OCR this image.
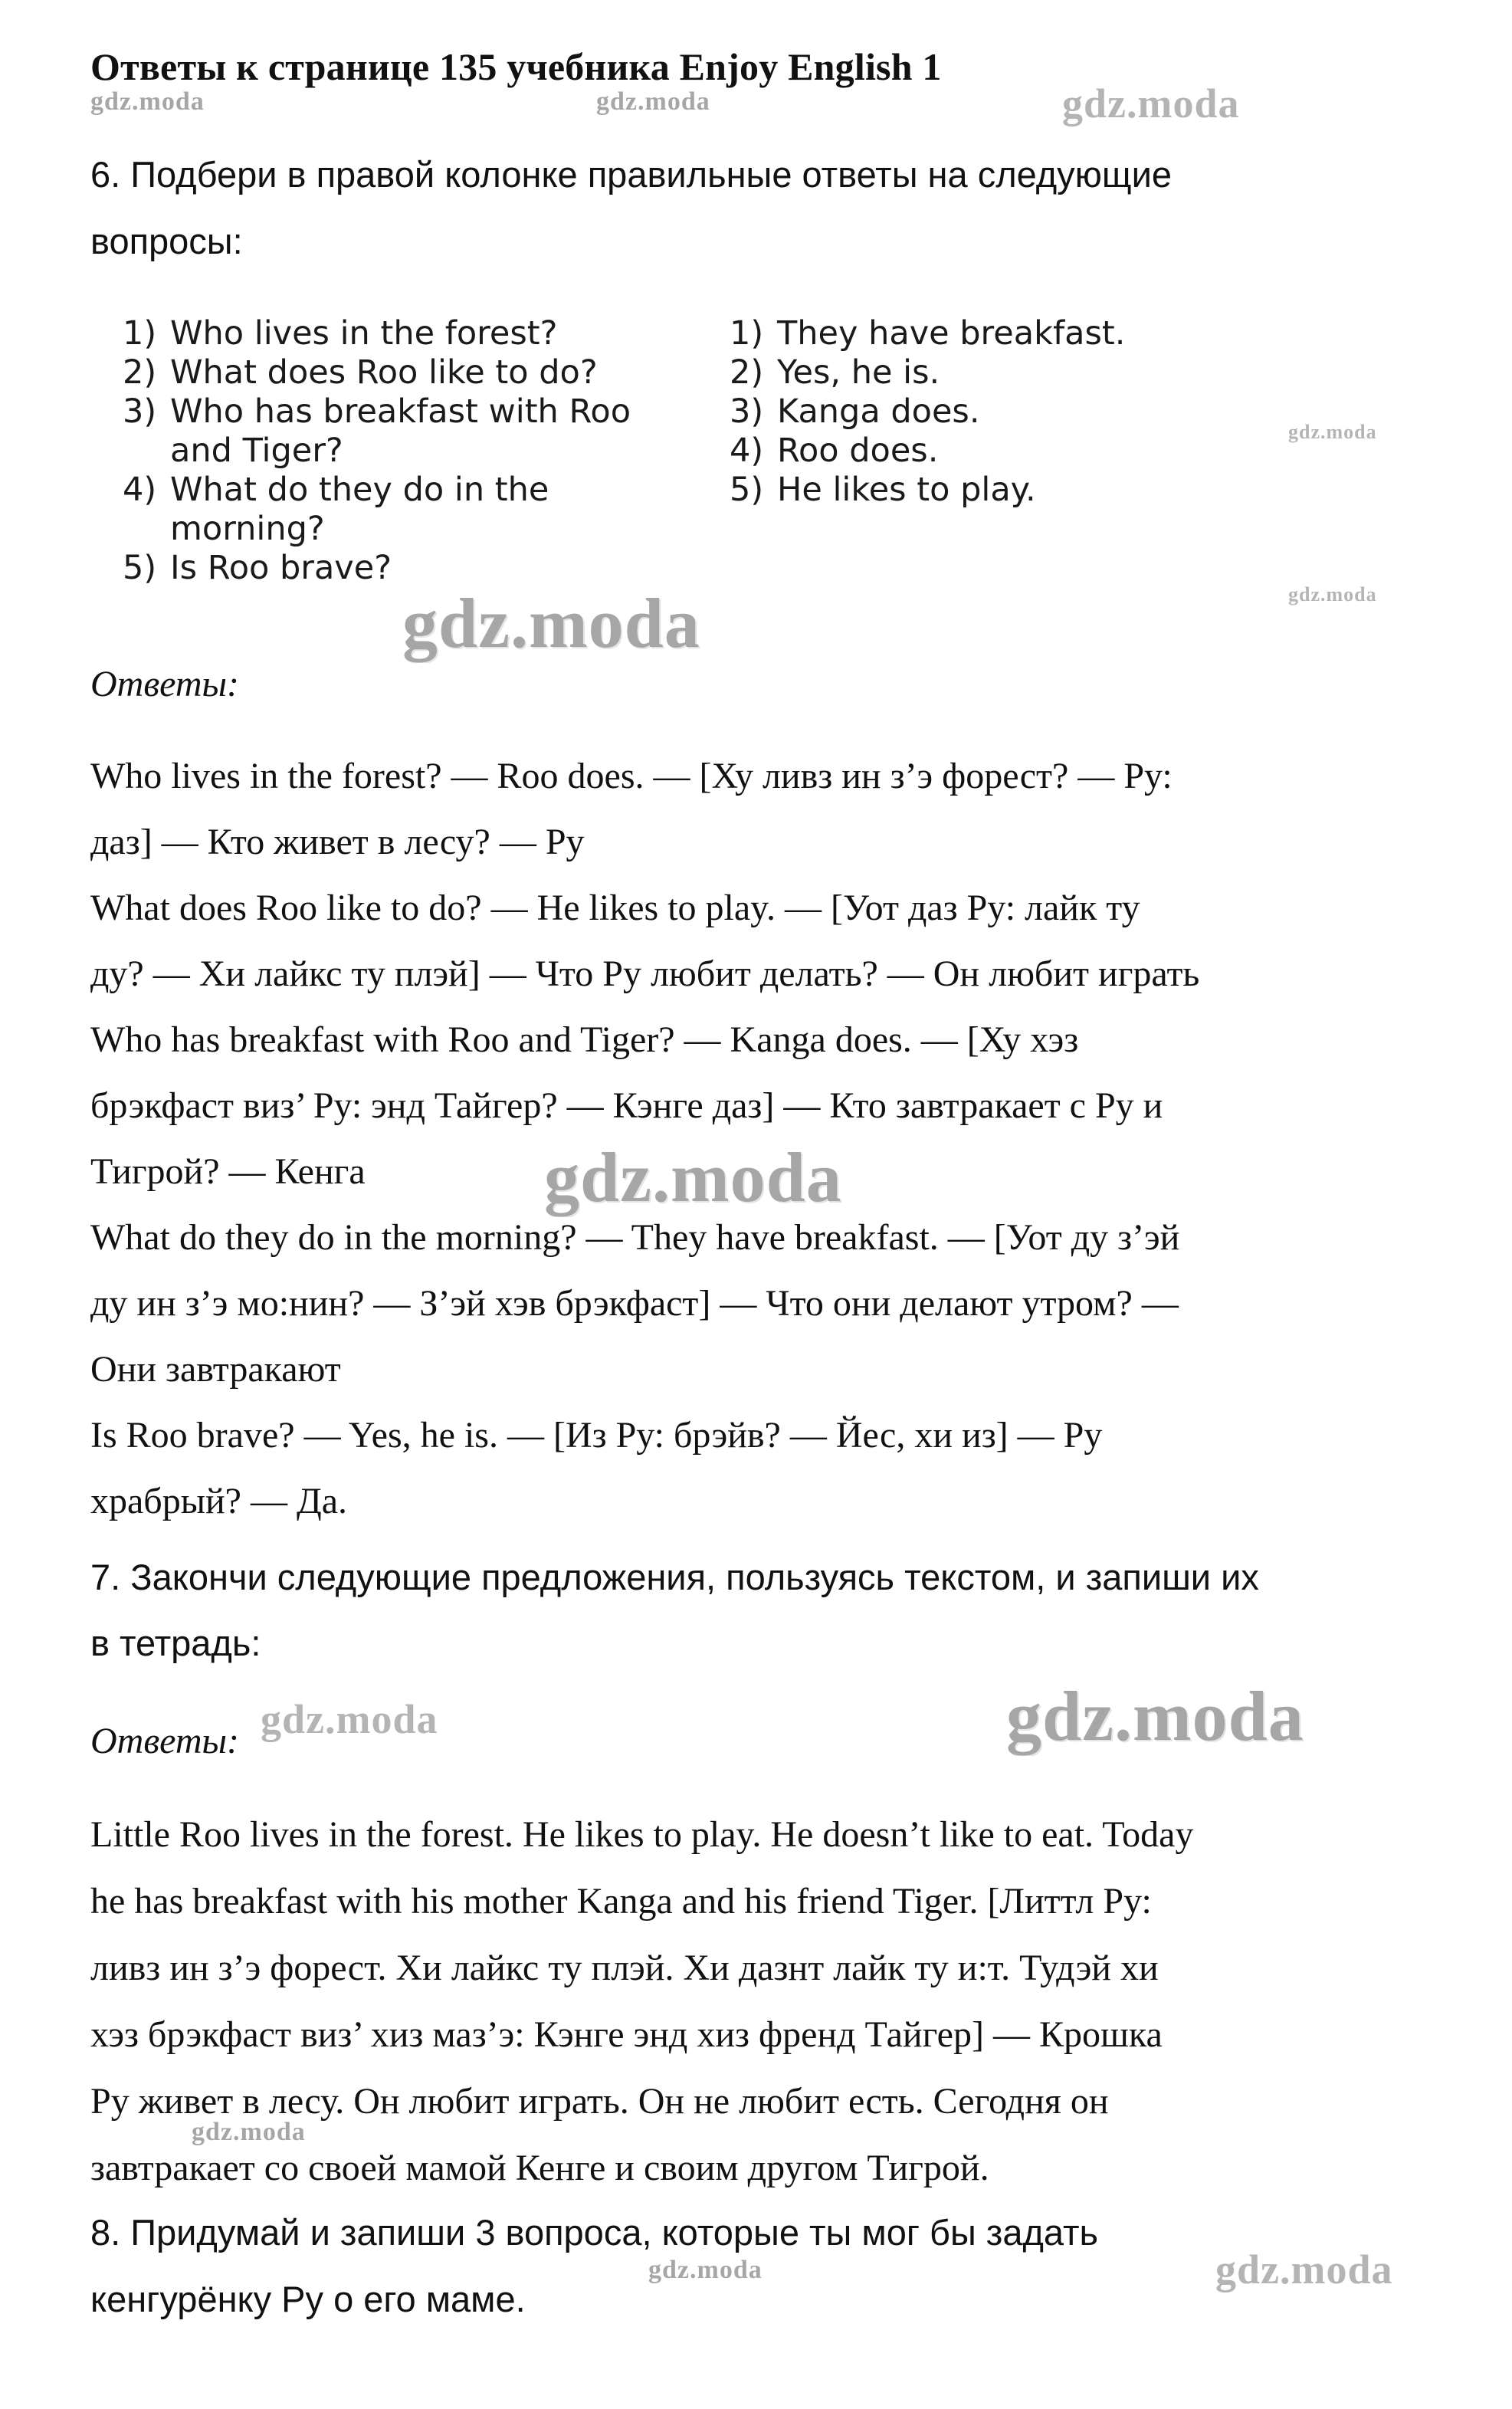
Ответы к странице 135 учебника Enjoy English 1
gdz.moda	gdz.moda	gdz.moda
6. Подбери в правой колонке правильные ответы на следующие
вопросы:
1) Who lives in the forest?
2) What does Roo like to do?
3) Who has breakfast with Roo
and Tiger?
4) What do they do in the
morning?
5) Is Roo brave?
1) They have breakfast.
2) Yes, he is.
3) Kanga does.
4) Roo does.
5) He likes to play.
gdz.moda
gdz.moda
gdz.moda
Ответы:
Who lives in the forest? — Roo does. — [Ху ливз ин з’э форест? — Ру:
даз] — Кто живет в лесу? — Ру
What does Roo like to do? — He likes to play. — [Уот даз Ру: лайк ту
ду? — Хи лайкс ту плэй] — Что Ру любит делать? — Он любит играть
Who has breakfast with Roo and Tiger? — Kanga does. — [Ху хэз
брэкфаст виз’ Ру: энд Тайгер? — Кэнге даз] — Кто завтракает с Ру и
Тигрой? — Кенга
What do they do in the morning? — They have breakfast. — [Уот ду з’эй
ду ин з’э мо:нин? — З’эй хэв брэкфаст] — Что они делают утром? —
Они завтракают
Is Roo brave? — Yes, he is. — [Из Ру: брэйв? — Йес, хи из] — Ру
храбрый? — Да.
gdz.moda
7. Закончи следующие предложения, пользуясь текстом, и запиши их
в тетрадь:
Ответы: gdz.moda	gdz.moda
Little Roo lives in the forest. He likes to play. He doesn’t like to eat. Today
he has breakfast with his mother Kanga and his friend Tiger. [Литтл Ру:
ливз ин з’э форест. Хи лайкс ту плэй. Хи дазнт лайк ту и:т. Тудэй хи
хэз брэкфаст виз’ хиз маз’э: Кэнге энд хиз френд Тайгер] — Крошка
Ру живет в лесу. Он любит играть. Он не любит есть. Сегодня он
завтракает со своей мамой Кенге и своим другом Тигрой.
gdz.moda
8. Придумай и запиши 3 вопроса, которые ты мог бы задать
кенгурёнку Ру о его маме.
gdz.moda	gdz.moda
